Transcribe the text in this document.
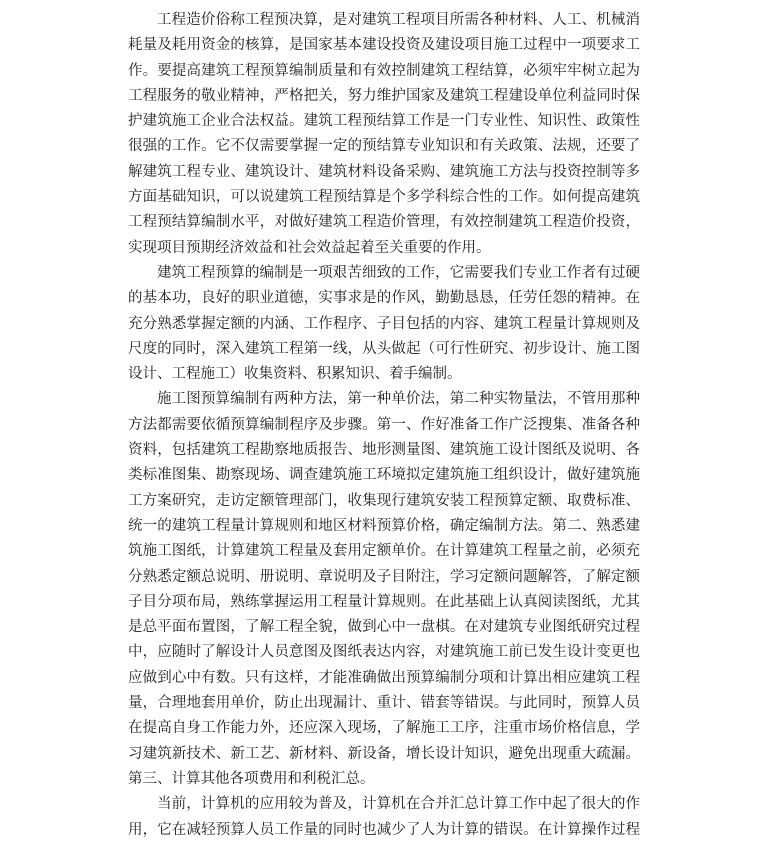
工程造价俗称工程预决算，是对建筑工程项目所需各种材料、人工、机械消
耗量及耗用资金的核算，是国家基本建设投资及建设项目施工过程中一项要求工
作。要提高建筑工程预算编制质量和有效控制建筑工程结算，必须牢牢树立起为
工程服务的敬业精神，严格把关，努力维护国家及建筑工程建设单位利益同时保
护建筑施工企业合法权益。建筑工程预结算工作是一门专业性、知识性、政策性
很强的工作。它不仅需要掌握一定的预结算专业知识和有关政策、法规，还要了
解建筑工程专业、建筑设计、建筑材料设备采购、建筑施工方法与投资控制等多
方面基础知识，可以说建筑工程预结算是个多学科综合性的工作。如何提高建筑
工程预结算编制水平，对做好建筑工程造价管理，有效控制建筑工程造价投资，
实现项目预期经济效益和社会效益起着至关重要的作用。
建筑工程预算的编制是一项艰苦细致的工作，它需要我们专业工作者有过硬
的基本功，良好的职业道德，实事求是的作风，勤勤恳恳，任劳任怨的精神。在
充分熟悉掌握定额的内涵、工作程序、子目包括的内容、建筑工程量计算规则及
尺度的同时，深入建筑工程第一线，从头做起（可行性研究、初步设计、施工图
设计、工程施工）收集资料、积累知识、着手编制。
施工图预算编制有两种方法，第一种单价法，第二种实物量法，不管用那种
方法都需要依循预算编制程序及步骤。第一、作好准备工作广泛搜集、准备各种
资料，包括建筑工程勘察地质报告、地形测量图、建筑施工设计图纸及说明、各
类标准图集、勘察现场、调查建筑施工环境拟定建筑施工组织设计，做好建筑施
工方案研究，走访定额管理部门，收集现行建筑安装工程预算定额、取费标准、
统一的建筑工程量计算规则和地区材料预算价格，确定编制方法。第二、熟悉建
筑施工图纸，计算建筑工程量及套用定额单价。在计算建筑工程量之前，必须充
分熟悉定额总说明、册说明、章说明及子目附注，学习定额问题解答，了解定额
子目分项布局，熟练掌握运用工程量计算规则。在此基础上认真阅读图纸，尤其
是总平面布置图，了解工程全貌，做到心中一盘棋。在对建筑专业图纸研究过程
中，应随时了解设计人员意图及图纸表达内容，对建筑施工前已发生设计变更也
应做到心中有数。只有这样，才能准确做出预算编制分项和计算出相应建筑工程
量，合理地套用单价，防止出现漏计、重计、错套等错误。与此同时，预算人员
在提高自身工作能力外，还应深入现场，了解施工工序，注重市场价格信息，学
习建筑新技术、新工艺、新材料、新设备，增长设计知识，避免出现重大疏漏。
第三、计算其他各项费用和利税汇总。
当前，计算机的应用较为普及，计算机在合并汇总计算工作中起了很大的作
用，它在减轻预算人员工作量的同时也减少了人为计算的错误。在计算操作过程
